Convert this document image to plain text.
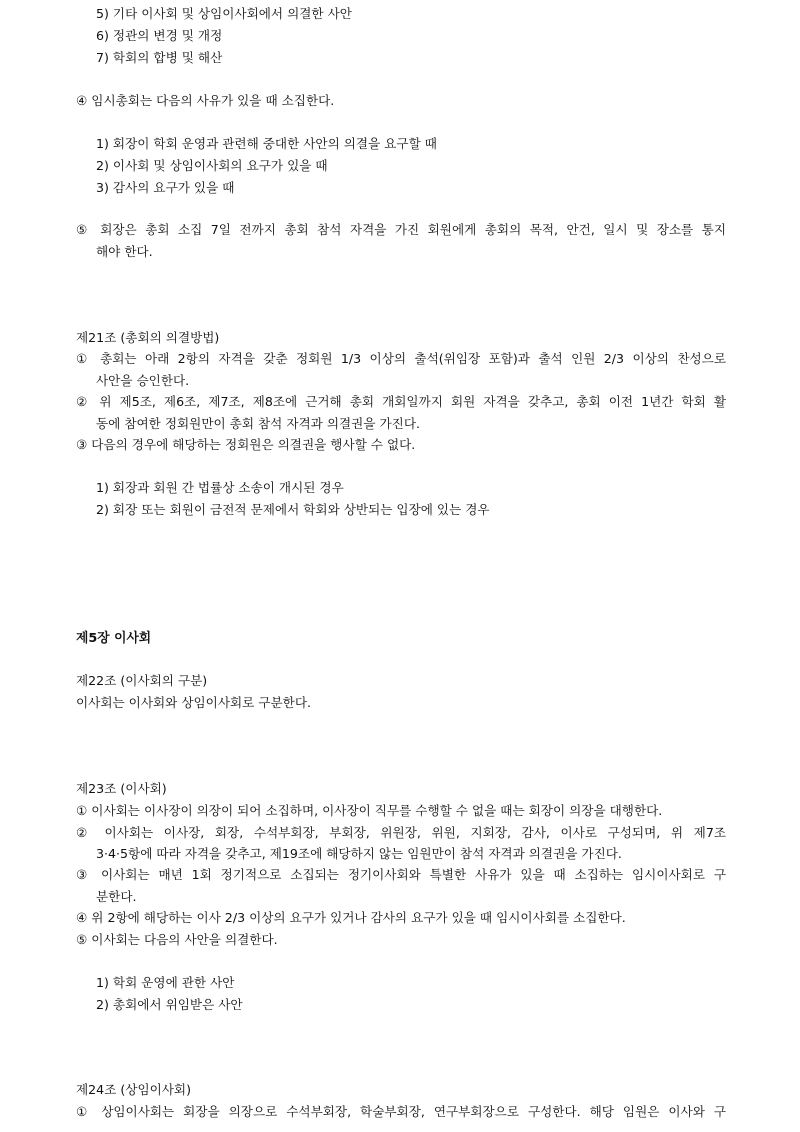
5) 기타 이사회 및 상임이사회에서 의결한 사안
6) 정관의 변경 및 개정
7) 학회의 합병 및 해산
④ 임시총회는 다음의 사유가 있을 때 소집한다.
1) 회장이 학회 운영과 관련해 중대한 사안의 의결을 요구할 때
2) 이사회 및 상임이사회의 요구가 있을 때
3) 감사의 요구가 있을 때
⑤ 회장은 총회 소집 7일 전까지 총회 참석 자격을 가진 회원에게 총회의 목적, 안건, 일시 및 장소를 통지
해야 한다.
제21조 (총회의 의결방법)
① 총회는 아래 2항의 자격을 갖춘 정회원 1/3 이상의 출석(위임장 포함)과 출석 인원 2/3 이상의 찬성으로
사안을 승인한다.
② 위 제5조, 제6조, 제7조, 제8조에 근거해 총회 개회일까지 회원 자격을 갖추고, 총회 이전 1년간 학회 활
동에 참여한 정회원만이 총회 참석 자격과 의결권을 가진다.
③ 다음의 경우에 해당하는 정회원은 의결권을 행사할 수 없다.
1) 회장과 회원 간 법률상 소송이 개시된 경우
2) 회장 또는 회원이 금전적 문제에서 학회와 상반되는 입장에 있는 경우
제5장 이사회
제22조 (이사회의 구분)
이사회는 이사회와 상임이사회로 구분한다.
제23조 (이사회)
① 이사회는 이사장이 의장이 되어 소집하며, 이사장이 직무를 수행할 수 없을 때는 회장이 의장을 대행한다.
② 이사회는 이사장, 회장, 수석부회장, 부회장, 위원장, 위원, 지회장, 감사, 이사로 구성되며, 위 제7조
3·4·5항에 따라 자격을 갖추고, 제19조에 해당하지 않는 임원만이 참석 자격과 의결권을 가진다.
③ 이사회는 매년 1회 정기적으로 소집되는 정기이사회와 특별한 사유가 있을 때 소집하는 임시이사회로 구
분한다.
④ 위 2항에 해당하는 이사 2/3 이상의 요구가 있거나 감사의 요구가 있을 때 임시이사회를 소집한다.
⑤ 이사회는 다음의 사안을 의결한다.
1) 학회 운영에 관한 사안
2) 총회에서 위임받은 사안
제24조 (상임이사회)
① 상임이사회는 회장을 의장으로 수석부회장, 학술부회장, 연구부회장으로 구성한다. 해당 임원은 이사와 구
